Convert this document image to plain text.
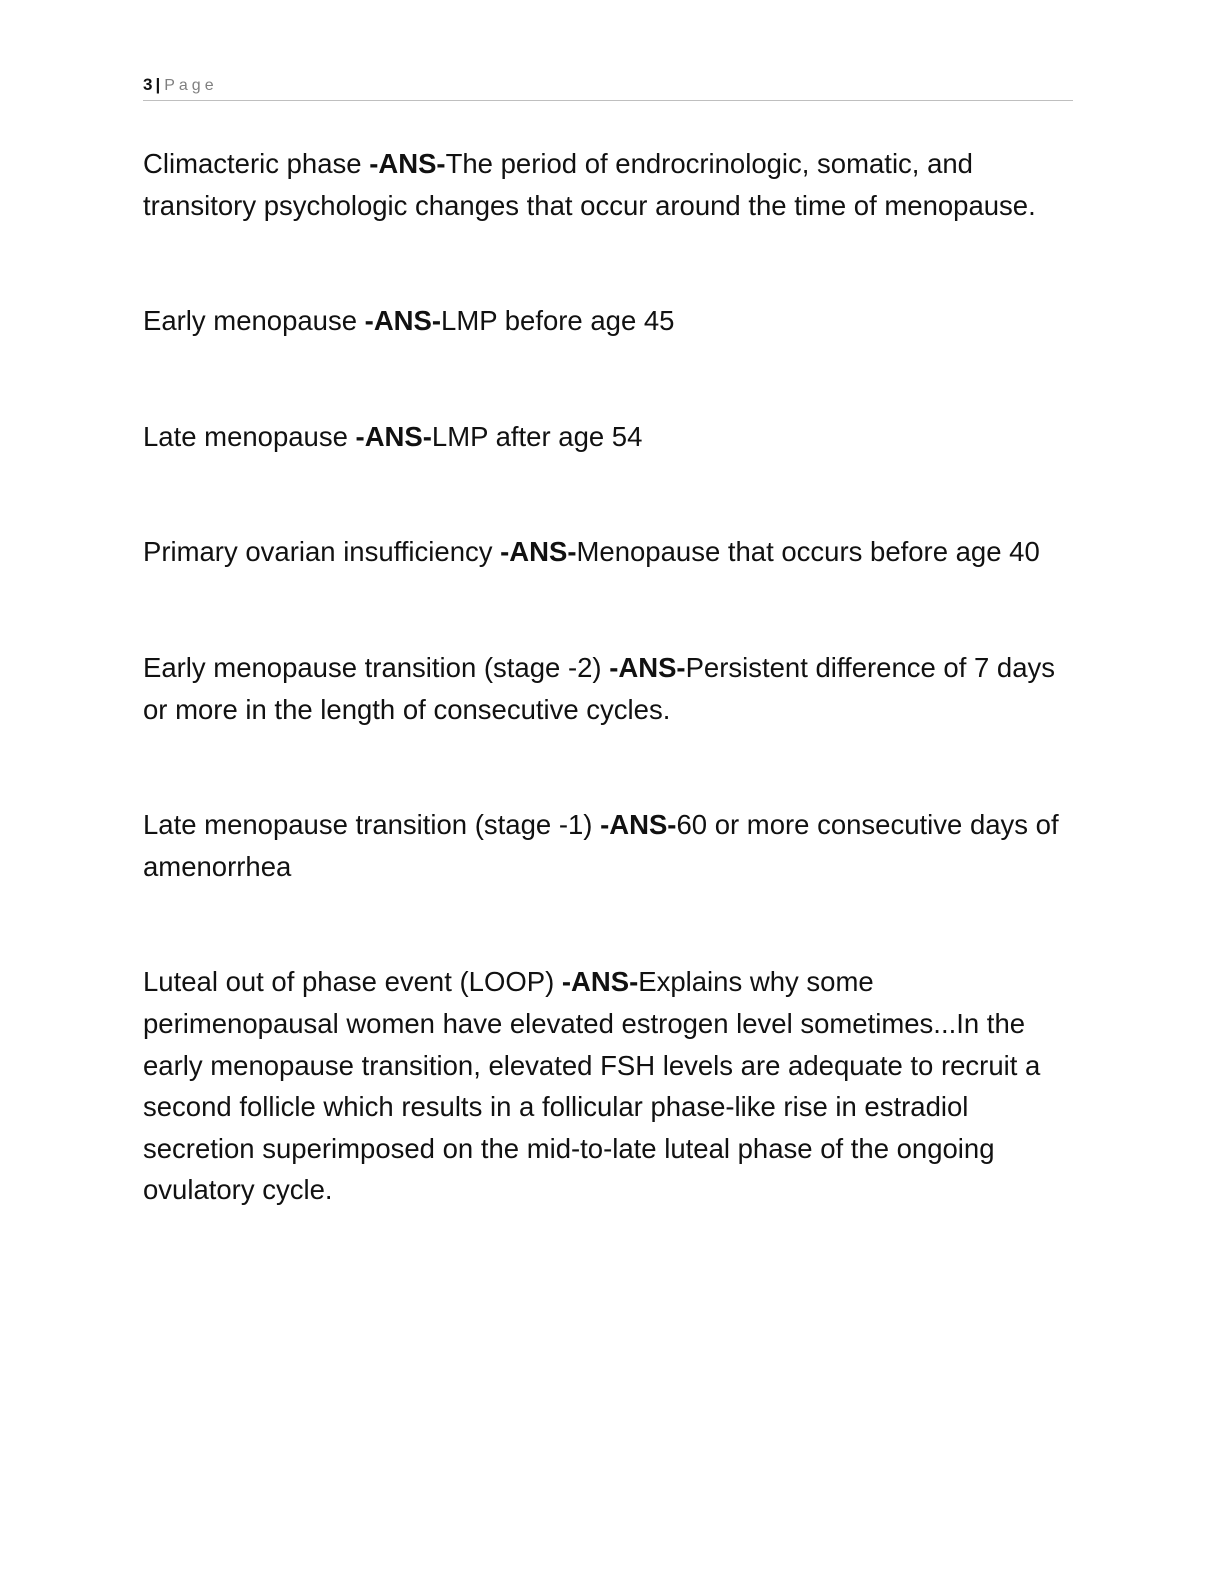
3 | Page

Climacteric phase -ANS-The period of endrocrinologic, somatic, and transitory psychologic changes that occur around the time of menopause.

Early menopause -ANS-LMP before age 45

Late menopause -ANS-LMP after age 54

Primary ovarian insufficiency -ANS-Menopause that occurs before age 40

Early menopause transition (stage -2) -ANS-Persistent difference of 7 days or more in the length of consecutive cycles.

Late menopause transition (stage -1) -ANS-60 or more consecutive days of amenorrhea

Luteal out of phase event (LOOP) -ANS-Explains why some perimenopausal women have elevated estrogen level sometimes...In the early menopause transition, elevated FSH levels are adequate to recruit a second follicle which results in a follicular phase-like rise in estradiol secretion superimposed on the mid-to-late luteal phase of the ongoing ovulatory cycle.
